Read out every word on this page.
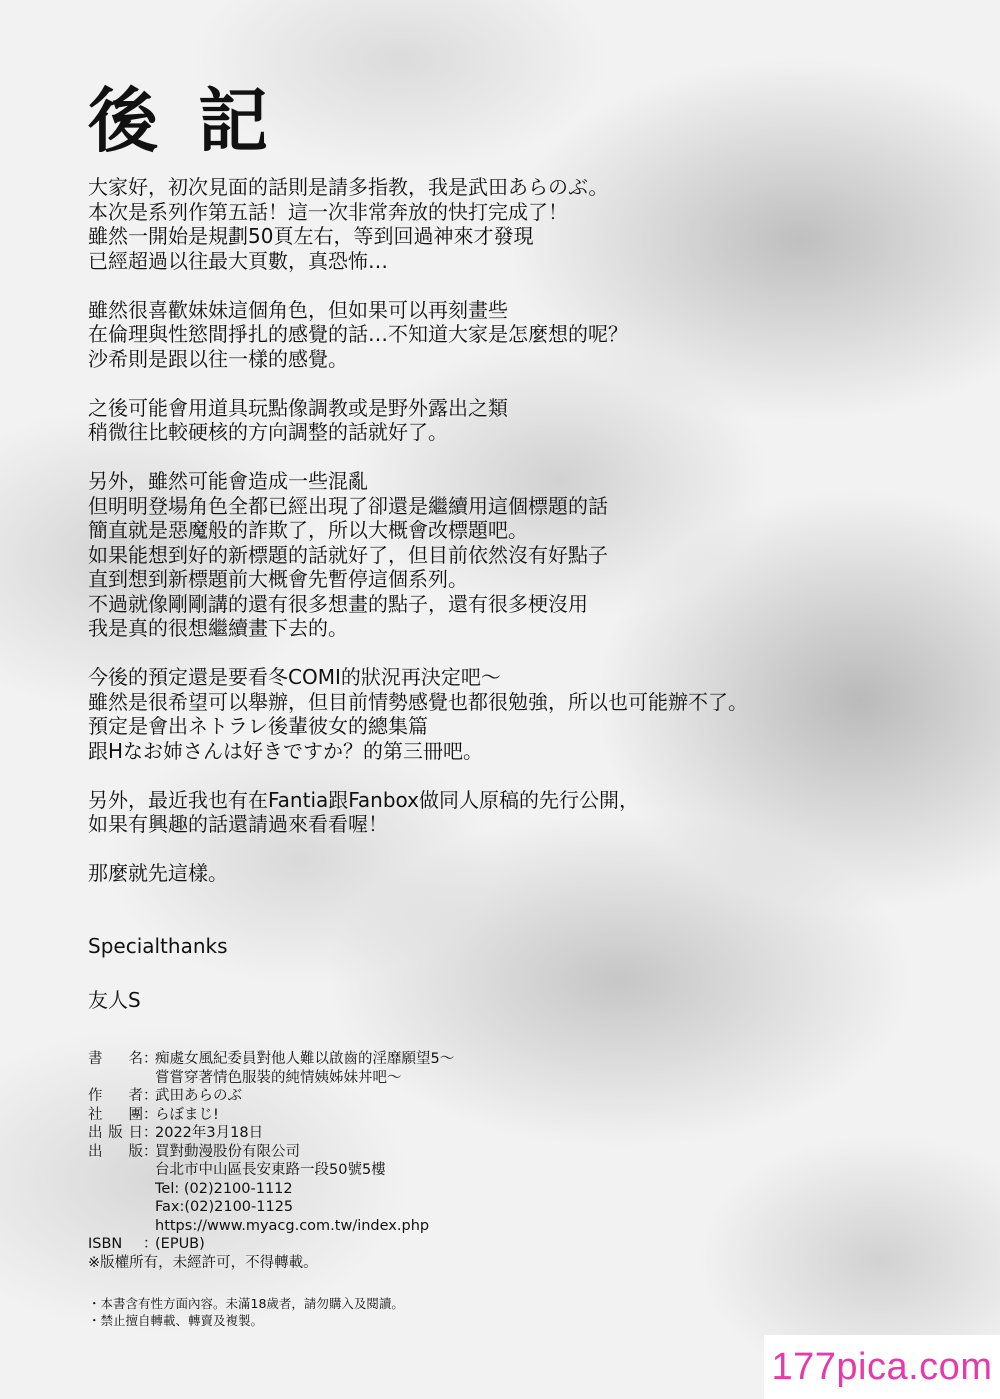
後記
大家好，初次見面的話則是請多指教，我是武田あらのぶ。
本次是系列作第五話！這一次非常奔放的快打完成了！
雖然一開始是規劃50頁左右，等到回過神來才發現
已經超過以往最大頁數，真恐怖…
雖然很喜歡妹妹這個角色，但如果可以再刻畫些
在倫理與性慾間掙扎的感覺的話…不知道大家是怎麼想的呢？
沙希則是跟以往一樣的感覺。
之後可能會用道具玩點像調教或是野外露出之類
稍微往比較硬核的方向調整的話就好了。
另外，雖然可能會造成一些混亂
但明明登場角色全都已經出現了卻還是繼續用這個標題的話
簡直就是惡魔般的詐欺了，所以大概會改標題吧。
如果能想到好的新標題的話就好了，但目前依然沒有好點子
直到想到新標題前大概會先暫停這個系列。
不過就像剛剛講的還有很多想畫的點子，還有很多梗沒用
我是真的很想繼續畫下去的。
今後的預定還是要看冬COMI的狀況再決定吧～
雖然是很希望可以舉辦，但目前情勢感覺也都很勉強，所以也可能辦不了。
預定是會出ネトラレ後輩彼女的總集篇
跟Hなお姉さんは好きですか？的第三冊吧。
另外，最近我也有在Fantia跟Fanbox做同人原稿的先行公開，
如果有興趣的話還請過來看看喔！
那麼就先這樣。
Specialthanks
友人S
書名 ：
痴處女風紀委員對他人難以啟齒的淫靡願望5～
嘗嘗穿著情色服裝的純情姨姊妹丼吧～
作者 ：
武田あらのぶ
社團 ：
らぼまじ!
出版日 ：
2022年3月18日
出版 ：
買對動漫股份有限公司
台北市中山區長安東路一段50號5樓
Tel: (02)2100-1112
Fax:(02)2100-1125
https://www.myacg.com.tw/index.php
ISBN	：
(EPUB)
※版權所有，未經許可，不得轉載。
・本書含有性方面內容。未滿18歲者，請勿購入及閱讀。
・禁止擅自轉載、轉賣及複製。
177pica.com
